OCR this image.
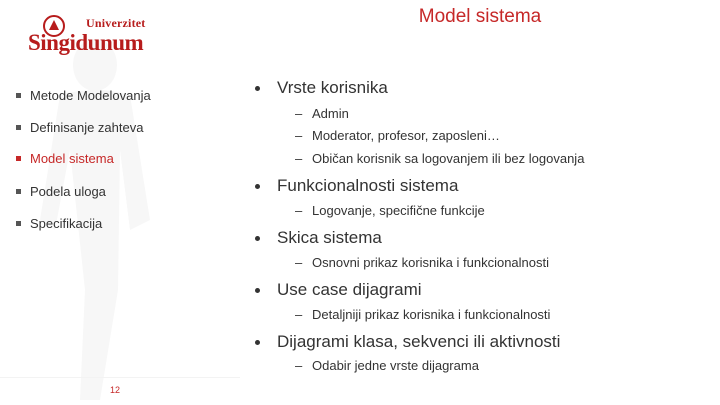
Univerzitet
Singidunum
Model sistema
Metode Modelovanja
Definisanje zahteva
Model sistema
Podela uloga
Specifikacija
Vrste korisnika
– Admin
– Moderator, profesor, zaposleni…
– Običan korisnik sa logovanjem ili bez logovanja
Funkcionalnosti sistema
– Logovanje, specifične funkcije
Skica sistema
– Osnovni prikaz korisnika i funkcionalnosti
Use case dijagrami
– Detaljniji prikaz korisnika i funkcionalnosti
Dijagrami klasa, sekvenci ili aktivnosti
– Odabir jedne vrste dijagrama
12
